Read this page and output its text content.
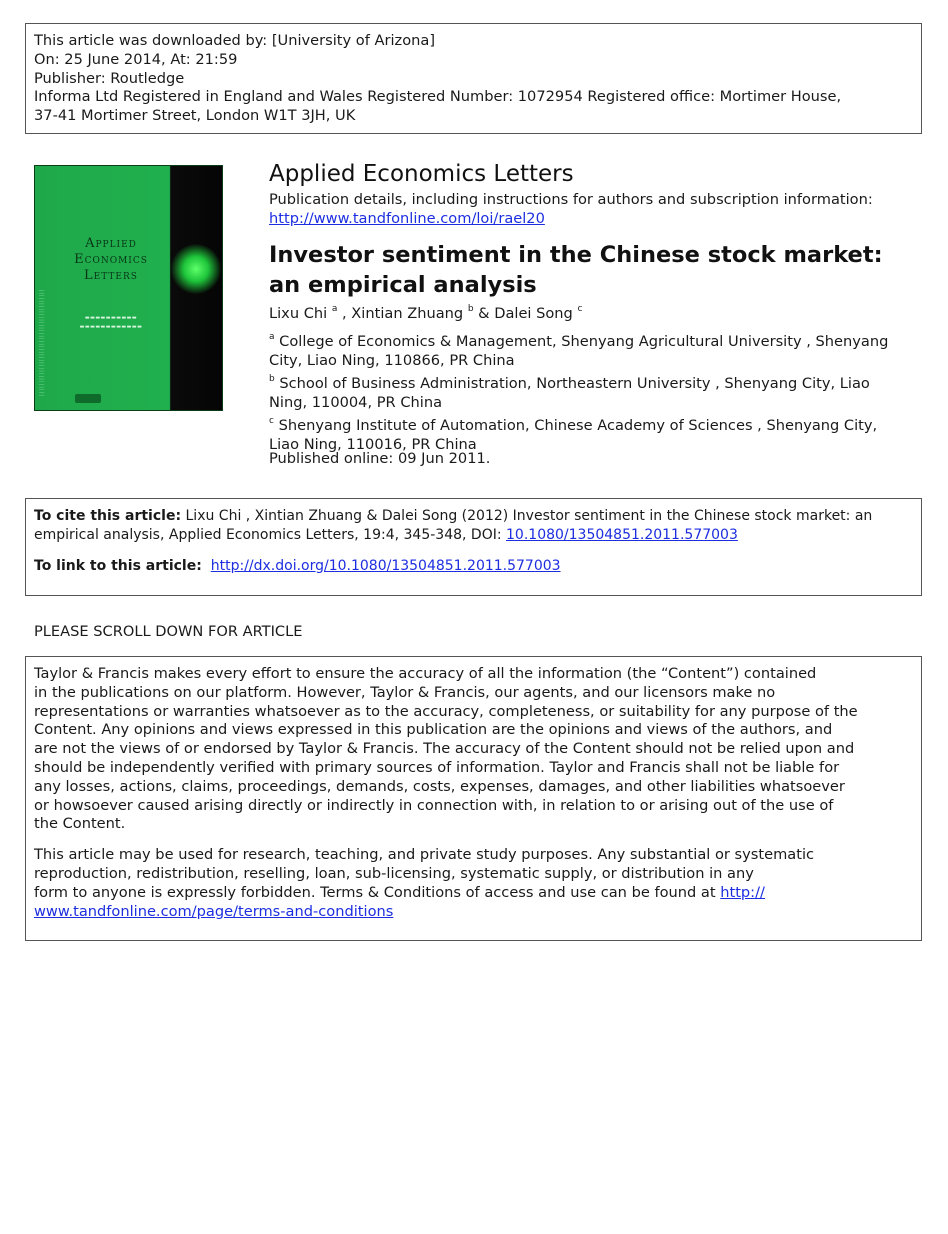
This article was downloaded by: [University of Arizona]
On: 25 June 2014, At: 21:59
Publisher: Routledge
Informa Ltd Registered in England and Wales Registered Number: 1072954 Registered office: Mortimer House,
37-41 Mortimer Street, London W1T 3JH, UK
||||||||||||||||||||||||||||||||||||||||
Applied
Economics
Letters
▬▬▬▬▬▬▬▬▬▬
▬▬▬▬▬▬▬▬▬▬▬▬
Applied Economics Letters
Publication details, including instructions for authors and subscription information:
http://www.tandfonline.com/loi/rael20
Investor sentiment in the Chinese stock market: an empirical analysis
Lixu Chi $^a$ , Xintian Zhuang $^b$ & Dalei Song $^c$
$^a$ College of Economics & Management, Shenyang Agricultural University , Shenyang City, Liao Ning, 110866, PR China
$^b$ School of Business Administration, Northeastern University , Shenyang City, Liao Ning, 110004, PR China
$^c$ Shenyang Institute of Automation, Chinese Academy of Sciences , Shenyang City, Liao Ning, 110016, PR China
Published online: 09 Jun 2011.

To cite this article: Lixu Chi , Xintian Zhuang & Dalei Song (2012) Investor sentiment in the Chinese stock market: an empirical analysis, Applied Economics Letters, 19:4, 345-348, DOI: 10.1080/13504851.2011.577003

To link to this article: http://dx.doi.org/10.1080/13504851.2011.577003

PLEASE SCROLL DOWN FOR ARTICLE

Taylor & Francis makes every effort to ensure the accuracy of all the information (the “Content”) contained
in the publications on our platform. However, Taylor & Francis, our agents, and our licensors make no
representations or warranties whatsoever as to the accuracy, completeness, or suitability for any purpose of the
Content. Any opinions and views expressed in this publication are the opinions and views of the authors, and
are not the views of or endorsed by Taylor & Francis. The accuracy of the Content should not be relied upon and
should be independently verified with primary sources of information. Taylor and Francis shall not be liable for
any losses, actions, claims, proceedings, demands, costs, expenses, damages, and other liabilities whatsoever
or howsoever caused arising directly or indirectly in connection with, in relation to or arising out of the use of
the Content.

This article may be used for research, teaching, and private study purposes. Any substantial or systematic
reproduction, redistribution, reselling, loan, sub-licensing, systematic supply, or distribution in any
form to anyone is expressly forbidden. Terms & Conditions of access and use can be found at http://
www.tandfonline.com/page/terms-and-conditions
